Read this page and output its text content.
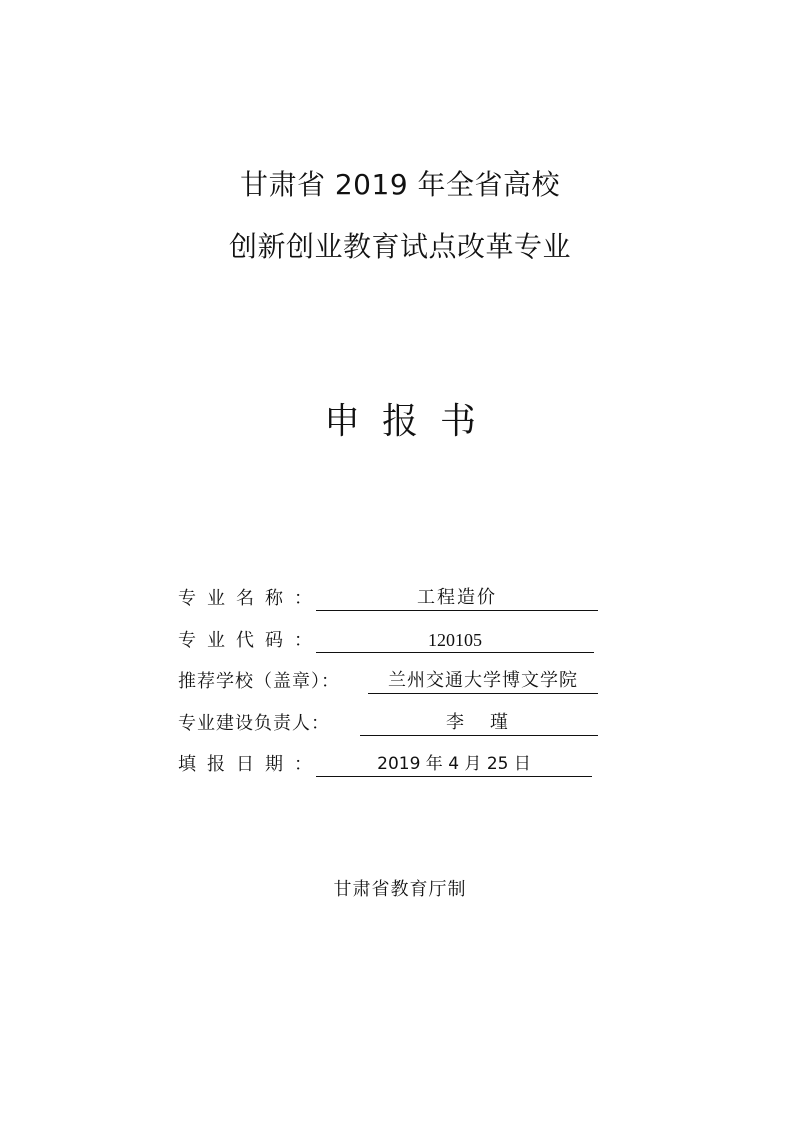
甘肃省 2019 年全省高校
创新创业教育试点改革专业
申报书
专业名称：	工程造价
专业代码：	120105
推荐学校（盖章）：	兰州交通大学博文学院
专业建设负责人：	李　瑾
填报日期：	2019 年 4 月 25 日
甘肃省教育厅制
